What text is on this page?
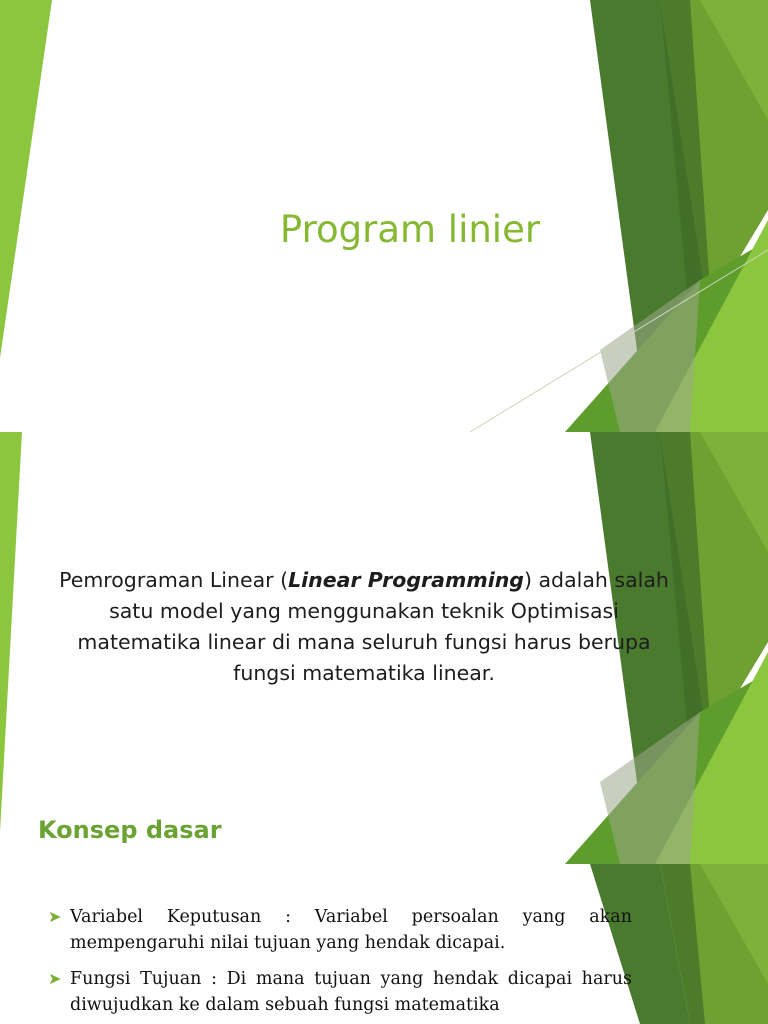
Program linier
Pemrograman Linear (Linear Programming) adalah salah satu model yang menggunakan teknik Optimisasi matematika linear di mana seluruh fungsi harus berupa fungsi matematika linear.
➤ Variabel Keputusan : Variabel persoalan yang akan mempengaruhi nilai tujuan yang hendak dicapai.
➤ Fungsi Tujuan : Di mana tujuan yang hendak dicapai harus diwujudkan ke dalam sebuah fungsi matematika
Konsep dasar
